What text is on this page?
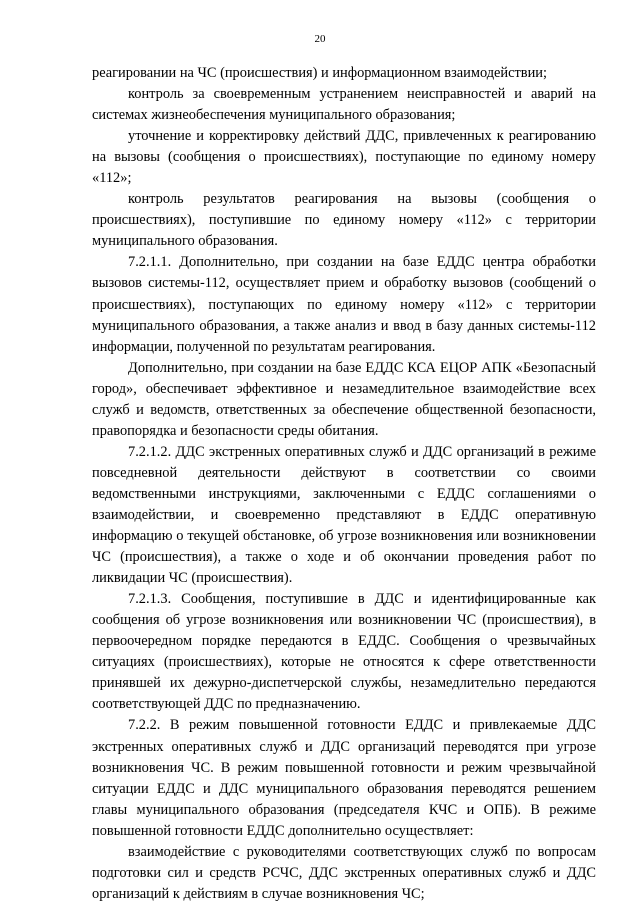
20

реагировании на ЧС (происшествия) и информационном взаимодействии;

контроль за своевременным устранением неисправностей и аварий на системах жизнеобеспечения муниципального образования;

уточнение и корректировку действий ДДС, привлеченных к реагированию на вызовы (сообщения о происшествиях), поступающие по единому номеру «112»;

контроль результатов реагирования на вызовы (сообщения о происшествиях), поступившие по единому номеру «112» с территории муниципального образования.

7.2.1.1. Дополнительно, при создании на базе ЕДДС центра обработки вызовов системы-112, осуществляет прием и обработку вызовов (сообщений о происшествиях), поступающих по единому номеру «112» с территории муниципального образования, а также анализ и ввод в базу данных системы-112 информации, полученной по результатам реагирования.

Дополнительно, при создании на базе ЕДДС КСА ЕЦОР АПК «Безопасный город», обеспечивает эффективное и незамедлительное взаимодействие всех служб и ведомств, ответственных за обеспечение общественной безопасности, правопорядка и безопасности среды обитания.

7.2.1.2. ДДС экстренных оперативных служб и ДДС организаций в режиме повседневной деятельности действуют в соответствии со своими ведомственными инструкциями, заключенными с ЕДДС соглашениями о взаимодействии, и своевременно представляют в ЕДДС оперативную информацию о текущей обстановке, об угрозе возникновения или возникновении ЧС (происшествия), а также о ходе и об окончании проведения работ по ликвидации ЧС (происшествия).

7.2.1.3. Сообщения, поступившие в ДДС и идентифицированные как сообщения об угрозе возникновения или возникновении ЧС (происшествия), в первоочередном порядке передаются в ЕДДС. Сообщения о чрезвычайных ситуациях (происшествиях), которые не относятся к сфере ответственности принявшей их дежурно-диспетчерской службы, незамедлительно передаются соответствующей ДДС по предназначению.

7.2.2. В режим повышенной готовности ЕДДС и привлекаемые ДДС экстренных оперативных служб и ДДС организаций переводятся при угрозе возникновения ЧС. В режим повышенной готовности и режим чрезвычайной ситуации ЕДДС и ДДС муниципального образования переводятся решением главы муниципального образования (председателя КЧС и ОПБ). В режиме повышенной готовности ЕДДС дополнительно осуществляет:

взаимодействие с руководителями соответствующих служб по вопросам подготовки сил и средств РСЧС, ДДС экстренных оперативных служб и ДДС организаций к действиям в случае возникновения ЧС;
